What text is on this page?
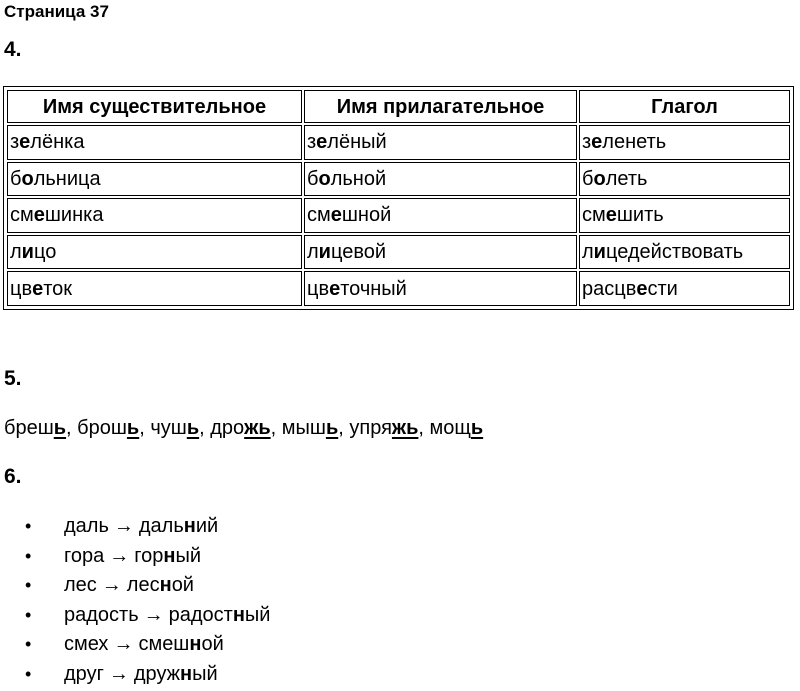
Страница 37
4.
Имя существительное	Имя прилагательное	Глагол
зелёнка	зелёный	зеленеть
больница	больной	болеть
смешинка	смешной	смешить
лицо	лицевой	лицедействовать
цветок	цветочный	расцвести
5.
брешь, брошь, чушь, дрожь, мышь, упряжь, мощь
6.
• даль → дальний
• гора → горный
• лес → лесной
• радость → радостный
• смех → смешной
• друг → дружный
